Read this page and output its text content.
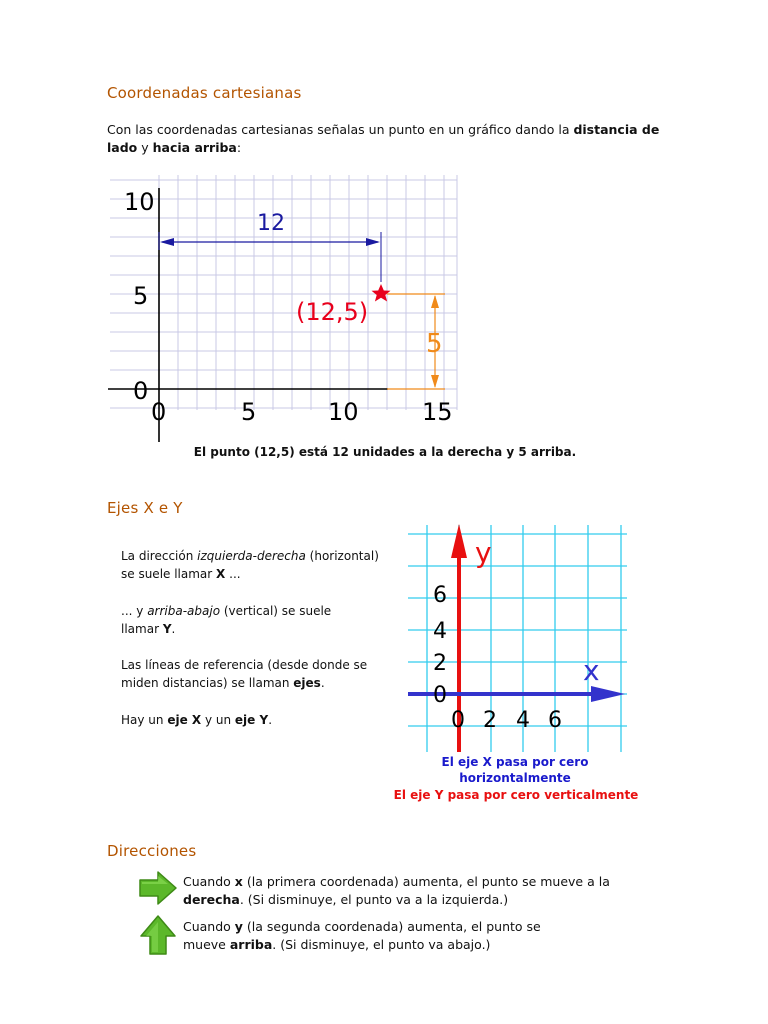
Coordenadas cartesianas
Con las coordenadas cartesianas señalas un punto en un gráfico dando la distancia de lado y hacia arriba:
10
5
0
0	5	10	15
12
(12,5)
5
El punto (12,5) está 12 unidades a la derecha y 5 arriba.
Ejes X e Y
La dirección izquierda-derecha (horizontal) se suele llamar X ...
... y arriba-abajo (vertical) se suele llamar Y.
Las líneas de referencia (desde donde se miden distancias) se llaman ejes.
Hay un eje X y un eje Y.
y
x
6
4
2
0
0 2 4 6
El eje X pasa por cero horizontalmente
El eje Y pasa por cero verticalmente
Direcciones
Cuando x (la primera coordenada) aumenta, el punto se mueve a la derecha. (Si disminuye, el punto va a la izquierda.)
Cuando y (la segunda coordenada) aumenta, el punto se mueve arriba. (Si disminuye, el punto va abajo.)
